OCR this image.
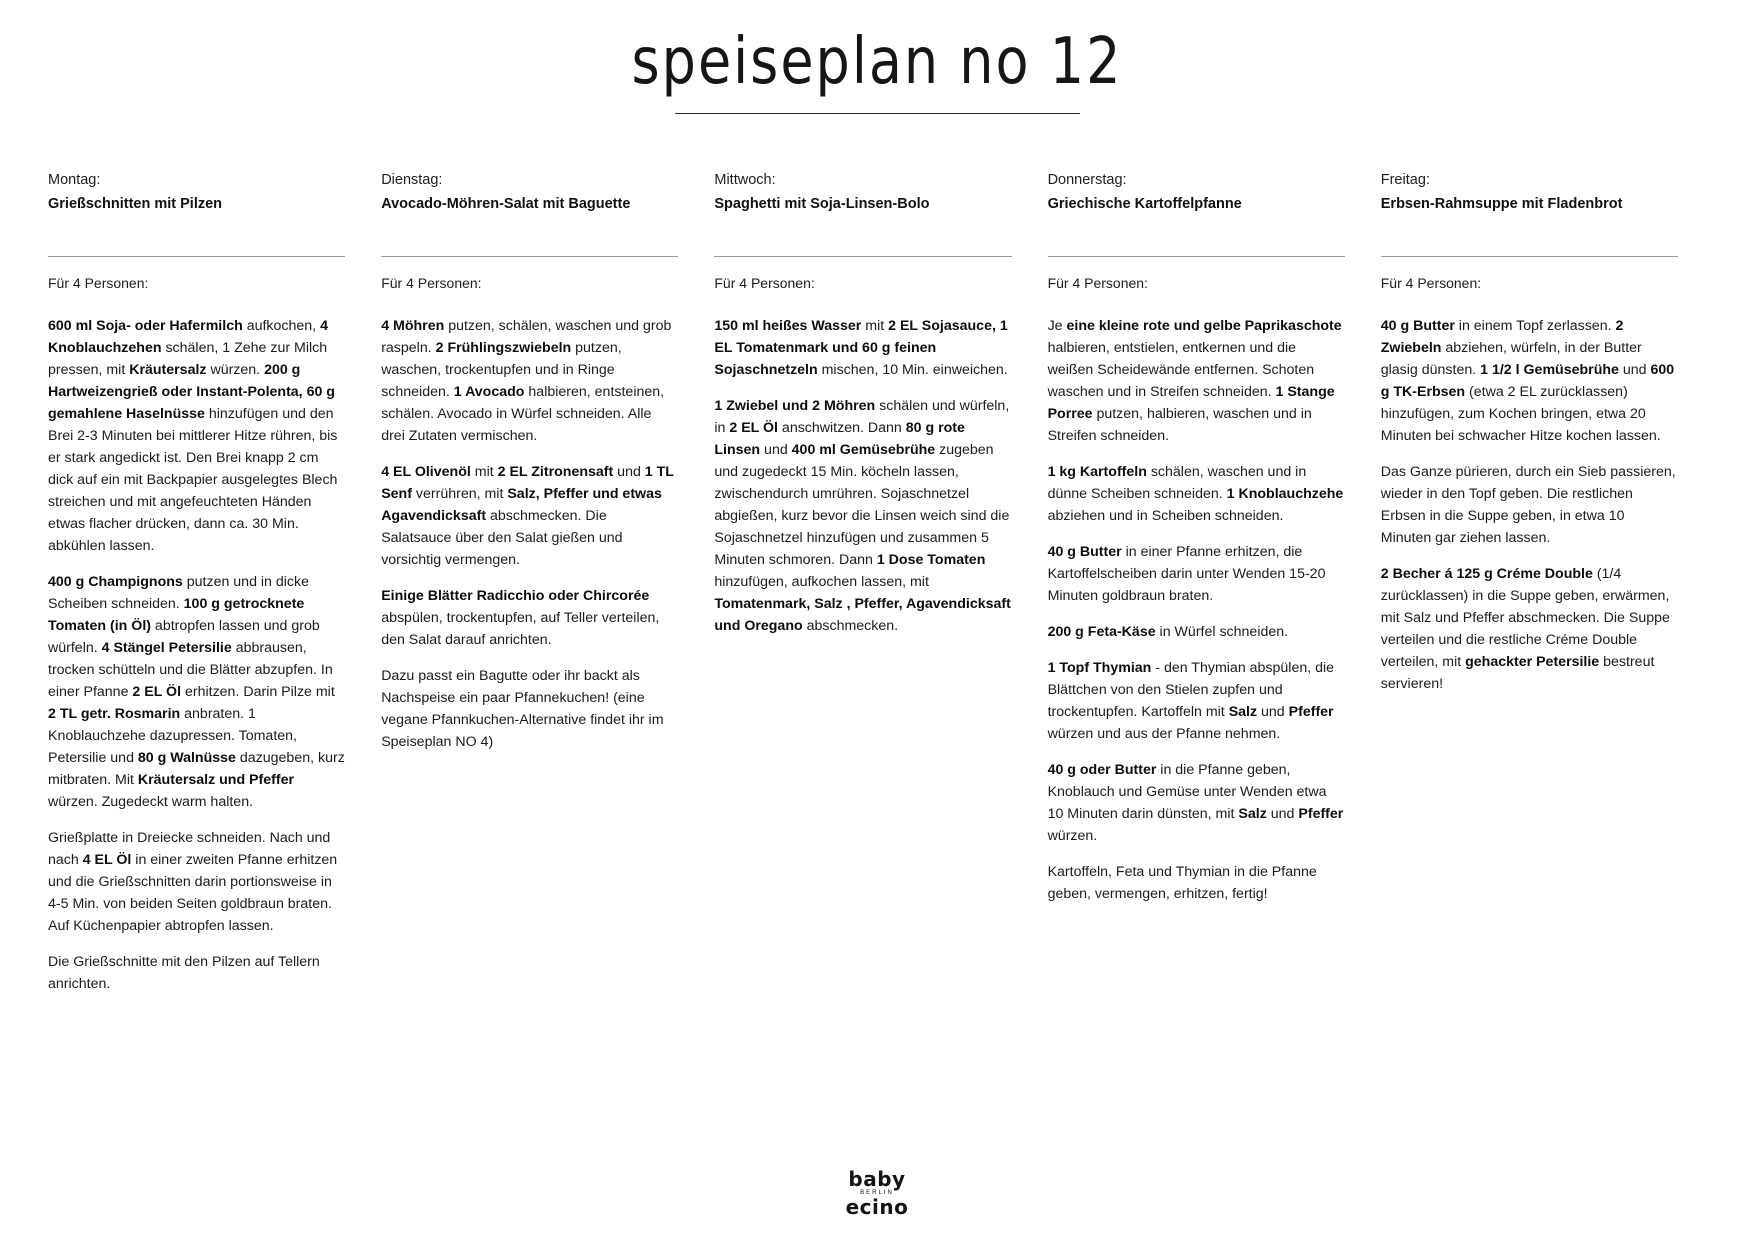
speiseplan no 12
Montag:
Grießschnitten mit Pilzen
Für 4 Personen:

600 ml Soja- oder Hafermilch aufkochen, 4 Knoblauchzehen schälen, 1 Zehe zur Milch pressen, mit Kräutersalz würzen. 200 g Hartweizengrieß oder Instant-Polenta, 60 g gemahlene Haselnüsse hinzufügen und den Brei 2-3 Minuten bei mittlerer Hitze rühren, bis er stark angedickt ist. Den Brei knapp 2 cm dick auf ein mit Backpapier ausgelegtes Blech streichen und mit angefeuchteten Händen etwas flacher drücken, dann ca. 30 Min. abkühlen lassen.

400 g Champignons putzen und in dicke Scheiben schneiden. 100 g getrocknete Tomaten (in Öl) abtropfen lassen und grob würfeln. 4 Stängel Petersilie abbrausen, trocken schütteln und die Blätter abzupfen. In einer Pfanne 2 EL Öl erhitzen. Darin Pilze mit 2 TL getr. Rosmarin anbraten. 1 Knoblauchzehe dazupressen. Tomaten, Petersilie und 80 g Walnüsse dazugeben, kurz mitbraten. Mit Kräutersalz und Pfeffer würzen. Zugedeckt warm halten.

Grießplatte in Dreiecke schneiden. Nach und nach 4 EL Öl in einer zweiten Pfanne erhitzen und die Grießschnitten darin portionsweise in 4-5 Min. von beiden Seiten goldbraun braten. Auf Küchenpapier abtropfen lassen.

Die Grießschnitte mit den Pilzen auf Tellern anrichten.

Dienstag:
Avocado-Möhren-Salat mit Baguette
Für 4 Personen:

4 Möhren putzen, schälen, waschen und grob raspeln. 2 Frühlingszwiebeln putzen, waschen, trockentupfen und in Ringe schneiden. 1 Avocado halbieren, entsteinen, schälen. Avocado in Würfel schneiden. Alle drei Zutaten vermischen.

4 EL Olivenöl mit 2 EL Zitronensaft und 1 TL Senf verrühren, mit Salz, Pfeffer und etwas Agavendicksaft abschmecken. Die Salatsauce über den Salat gießen und vorsichtig vermengen.

Einige Blätter Radicchio oder Chircorée abspülen, trockentupfen, auf Teller verteilen, den Salat darauf anrichten.

Dazu passt ein Bagutte oder ihr backt als Nachspeise ein paar Pfannekuchen! (eine vegane Pfannkuchen-Alternative findet ihr im Speiseplan NO 4)

Mittwoch:
Spaghetti mit Soja-Linsen-Bolo
Für 4 Personen:

150 ml heißes Wasser mit 2 EL Sojasauce, 1 EL Tomatenmark und 60 g feinen Sojaschnetzeln mischen, 10 Min. einweichen.

1 Zwiebel und 2 Möhren schälen und würfeln, in 2 EL Öl anschwitzen. Dann 80 g rote Linsen und 400 ml Gemüsebrühe zugeben und zugedeckt 15 Min. köcheln lassen, zwischendurch umrühren. Sojaschnetzel abgießen, kurz bevor die Linsen weich sind die Sojaschnetzel hinzufügen und zusammen 5 Minuten schmoren. Dann 1 Dose Tomaten hinzufügen, aufkochen lassen, mit Tomatenmark, Salz , Pfeffer, Agavendicksaft und Oregano abschmecken.

Donnerstag:
Griechische Kartoffelpfanne
Für 4 Personen:

Je eine kleine rote und gelbe Paprikaschote halbieren, entstielen, entkernen und die weißen Scheidewände entfernen. Schoten waschen und in Streifen schneiden. 1 Stange Porree putzen, halbieren, waschen und in Streifen schneiden.

1 kg Kartoffeln schälen, waschen und in dünne Scheiben schneiden. 1 Knoblauchzehe abziehen und in Scheiben schneiden.

40 g Butter in einer Pfanne erhitzen, die Kartoffelscheiben darin unter Wenden 15-20 Minuten goldbraun braten.

200 g Feta-Käse in Würfel schneiden.

1 Topf Thymian - den Thymian abspülen, die Blättchen von den Stielen zupfen und trockentupfen. Kartoffeln mit Salz und Pfeffer würzen und aus der Pfanne nehmen.

40 g oder Butter in die Pfanne geben, Knoblauch und Gemüse unter Wenden etwa 10 Minuten darin dünsten, mit Salz und Pfeffer würzen.

Kartoffeln, Feta und Thymian in die Pfanne geben, vermengen, erhitzen, fertig!

Freitag:
Erbsen-Rahmsuppe mit Fladenbrot
Für 4 Personen:

40 g Butter in einem Topf zerlassen. 2 Zwiebeln abziehen, würfeln, in der Butter glasig dünsten. 1 1/2 l Gemüsebrühe und 600 g TK-Erbsen (etwa 2 EL zurücklassen) hinzufügen, zum Kochen bringen, etwa 20 Minuten bei schwacher Hitze kochen lassen.

Das Ganze pürieren, durch ein Sieb passieren, wieder in den Topf geben. Die restlichen Erbsen in die Suppe geben, in etwa 10 Minuten gar ziehen lassen.

2 Becher á 125 g Créme Double (1/4 zurücklassen) in die Suppe geben, erwärmen, mit Salz und Pfeffer abschmecken. Die Suppe verteilen und die restliche Créme Double verteilen, mit gehackter Petersilie bestreut servieren!

baby
BERLIN
ecino
